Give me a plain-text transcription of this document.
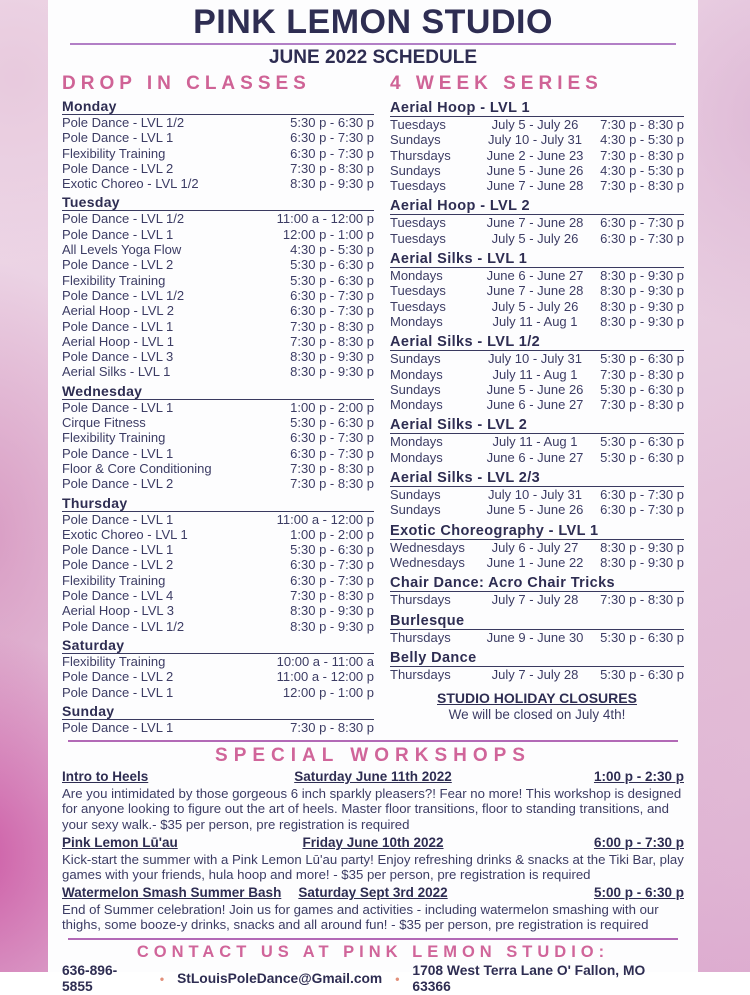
PINK LEMON STUDIO
JUNE 2022 SCHEDULE
DROP IN CLASSES
Monday
Pole Dance - LVL 1/2	5:30 p - 6:30 p
Pole Dance - LVL 1	6:30 p - 7:30 p
Flexibility Training	6:30 p - 7:30 p
Pole Dance - LVL 2	7:30 p - 8:30 p
Exotic Choreo - LVL 1/2	8:30 p - 9:30 p
Tuesday
Pole Dance - LVL 1/2	11:00 a - 12:00 p
Pole Dance - LVL 1	12:00 p - 1:00 p
All Levels Yoga Flow	4:30 p - 5:30 p
Pole Dance - LVL 2	5:30 p - 6:30 p
Flexibility Training	5:30 p - 6:30 p
Pole Dance - LVL 1/2	6:30 p - 7:30 p
Aerial Hoop - LVL 2	6:30 p - 7:30 p
Pole Dance - LVL 1	7:30 p - 8:30 p
Aerial Hoop - LVL 1	7:30 p - 8:30 p
Pole Dance - LVL 3	8:30 p - 9:30 p
Aerial Silks - LVL 1	8:30 p - 9:30 p
Wednesday
Pole Dance - LVL 1	1:00 p - 2:00 p
Cirque Fitness	5:30 p - 6:30 p
Flexibility Training	6:30 p - 7:30 p
Pole Dance - LVL 1	6:30 p - 7:30 p
Floor & Core Conditioning	7:30 p - 8:30 p
Pole Dance - LVL 2	7:30 p - 8:30 p
Thursday
Pole Dance - LVL 1	11:00 a - 12:00 p
Exotic Choreo - LVL 1	1:00 p - 2:00 p
Pole Dance - LVL 1	5:30 p - 6:30 p
Pole Dance - LVL 2	6:30 p - 7:30 p
Flexibility Training	6:30 p - 7:30 p
Pole Dance - LVL 4	7:30 p - 8:30 p
Aerial Hoop - LVL 3	8:30 p - 9:30 p
Pole Dance - LVL 1/2	8:30 p - 9:30 p
Saturday
Flexibility Training	10:00 a - 11:00 a
Pole Dance - LVL 2	11:00 a - 12:00 p
Pole Dance - LVL 1	12:00 p - 1:00 p
Sunday
Pole Dance - LVL 1	7:30 p - 8:30 p
4 WEEK SERIES
Aerial Hoop - LVL 1
Tuesdays	July 5 - July 26	7:30 p - 8:30 p
Sundays	July 10 - July 31	4:30 p - 5:30 p
Thursdays	June 2 - June 23	7:30 p - 8:30 p
Sundays	June 5 - June 26	4:30 p - 5:30 p
Tuesdays	June 7 - June 28	7:30 p - 8:30 p
Aerial Hoop - LVL 2
Tuesdays	June 7 - June 28	6:30 p - 7:30 p
Tuesdays	July 5 - July 26	6:30 p - 7:30 p
Aerial Silks - LVL 1
Mondays	June 6 - June 27	8:30 p - 9:30 p
Tuesdays	June 7 - June 28	8:30 p - 9:30 p
Tuesdays	July 5 - July 26	8:30 p - 9:30 p
Mondays	July 11 - Aug 1	8:30 p - 9:30 p
Aerial Silks - LVL 1/2
Sundays	July 10 - July 31	5:30 p - 6:30 p
Mondays	July 11 - Aug 1	7:30 p - 8:30 p
Sundays	June 5 - June 26	5:30 p - 6:30 p
Mondays	June 6 - June 27	7:30 p - 8:30 p
Aerial Silks - LVL 2
Mondays	July 11 - Aug 1	5:30 p - 6:30 p
Mondays	June 6 - June 27	5:30 p - 6:30 p
Aerial Silks - LVL 2/3
Sundays	July 10 - July 31	6:30 p - 7:30 p
Sundays	June 5 - June 26	6:30 p - 7:30 p
Exotic Choreography - LVL 1
Wednesdays	July 6 - July 27	8:30 p - 9:30 p
Wednesdays	June 1 - June 22	8:30 p - 9:30 p
Chair Dance: Acro Chair Tricks
Thursdays	July 7 - July 28	7:30 p - 8:30 p
Burlesque
Thursdays	June 9 - June 30	5:30 p - 6:30 p
Belly Dance
Thursdays	July 7 - July 28	5:30 p - 6:30 p
STUDIO HOLIDAY CLOSURES
We will be closed on July 4th!
SPECIAL WORKSHOPS
Intro to Heels	Saturday June 11th 2022	1:00 p - 2:30 p

Are you intimidated by those gorgeous 6 inch sparkly pleasers?! Fear no more! This workshop is designed for anyone looking to figure out the art of heels. Master floor transitions, floor to standing transitions, and your sexy walk.- $35 per person, pre registration is required

Pink Lemon Lū'au	Friday June 10th 2022	6:00 p - 7:30 p

Kick-start the summer with a Pink Lemon Lū'au party! Enjoy refreshing drinks & snacks at the Tiki Bar, play games with your friends, hula hoop and more! - $35 per person, pre registration is required

Watermelon Smash Summer Bash Saturday Sept 3rd 2022	5:00 p - 6:30 p

End of Summer celebration! Join us for games and activities - including watermelon smashing with our thighs, some booze-y drinks, snacks and all around fun! - $35 per person, pre registration is required

CONTACT US AT PINK LEMON STUDIO:
636-896-5855	• StLouisPoleDance@Gmail.com •
1708 West Terra Lane O' Fallon, MO 63366
